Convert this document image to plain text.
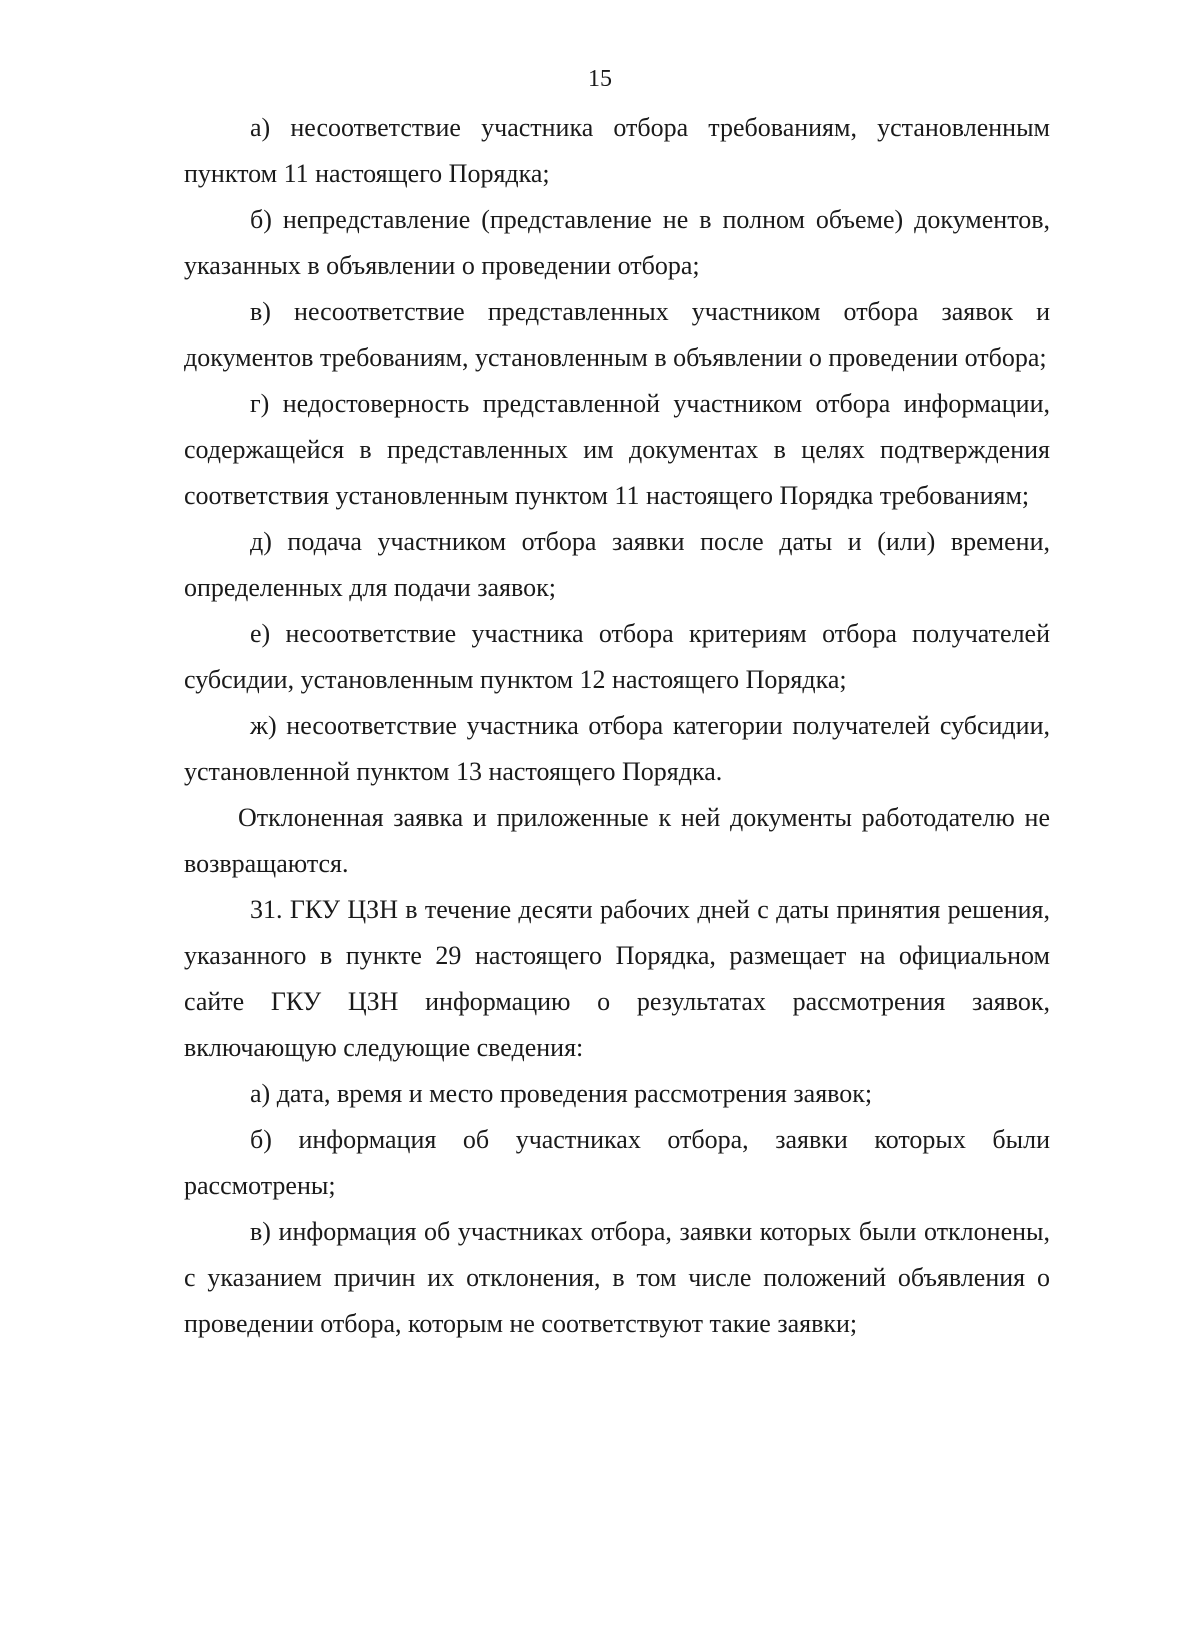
15

а) несоответствие участника отбора требованиям, установленным пунктом 11 настоящего Порядка;

б) непредставление (представление не в полном объеме) документов, указанных в объявлении о проведении отбора;

в) несоответствие представленных участником отбора заявок и документов требованиям, установленным в объявлении о проведении отбора;

г) недостоверность представленной участником отбора информации, содержащейся в представленных им документах в целях подтверждения соответствия установленным пунктом 11 настоящего Порядка требованиям;

д) подача участником отбора заявки после даты и (или) времени, определенных для подачи заявок;

е) несоответствие участника отбора критериям отбора получателей субсидии, установленным пунктом 12 настоящего Порядка;

ж) несоответствие участника отбора категории получателей субсидии, установленной пунктом 13 настоящего Порядка.

Отклоненная заявка и приложенные к ней документы работодателю не возвращаются.

31. ГКУ ЦЗН в течение десяти рабочих дней с даты принятия решения, указанного в пункте 29 настоящего Порядка, размещает на официальном сайте ГКУ ЦЗН информацию о результатах рассмотрения заявок, включающую следующие сведения:

а) дата, время и место проведения рассмотрения заявок;

б) информация об участниках отбора, заявки которых были рассмотрены;

в) информация об участниках отбора, заявки которых были отклонены, с указанием причин их отклонения, в том числе положений объявления о проведении отбора, которым не соответствуют такие заявки;
